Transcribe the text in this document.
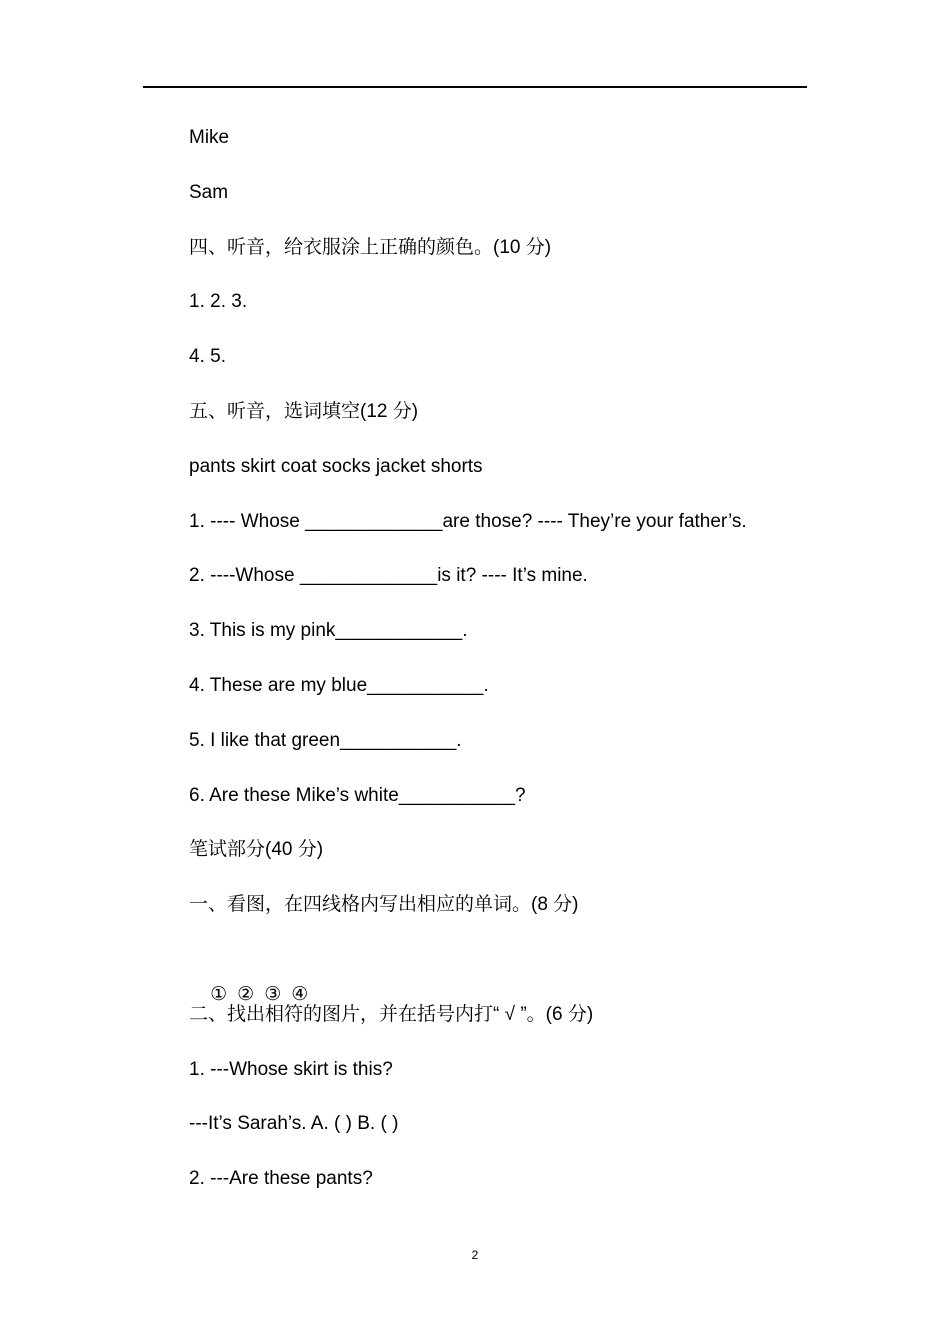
Mike
Sam
四、听音，给衣服涂上正确的颜色。(10 分)
1. 2. 3.
4. 5.
五、听音，选词填空(12 分)
pants skirt coat socks jacket shorts
1. ---- Whose _____________are those? ---- They’re your father’s.
2. ----Whose _____________is it? ---- It’s mine.
3. This is my pink____________.
4. These are my blue___________.
5. I like that green___________.
6. Are these Mike’s white___________?
笔试部分(40 分)
一、看图，在四线格内写出相应的单词。(8 分)

① ② ③ ④

二、找出相符的图片，并在括号内打“ √ ”。(6 分)
1. ---Whose skirt is this?
---It’s Sarah’s. A. ( ) B. ( )
2. ---Are these pants?
2
